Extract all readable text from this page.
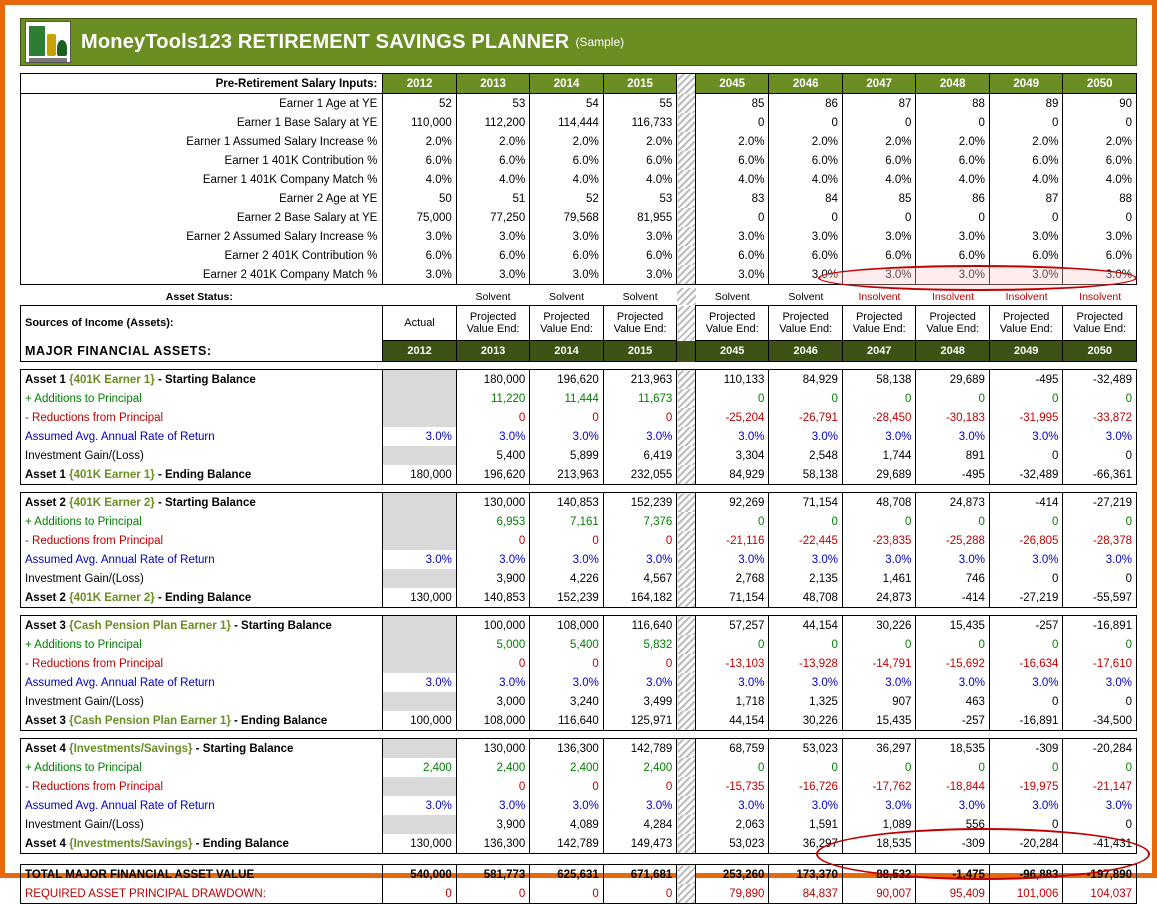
MoneyTools123 RETIREMENT SAVINGS PLANNER (Sample)
Pre-Retirement Salary Inputs:	2012	2013	2014	2015		2045	2046	2047	2048	2049	2050
Earner 1 Age at YE	52	53	54	55		85	86	87	88	89	90
Earner 1 Base Salary at YE	110,000	112,200	114,444	116,733		0	0	0	0	0	0
Earner 1 Assumed Salary Increase %	2.0%	2.0%	2.0%	2.0%		2.0%	2.0%	2.0%	2.0%	2.0%	2.0%
Earner 1 401K Contribution %	6.0%	6.0%	6.0%	6.0%		6.0%	6.0%	6.0%	6.0%	6.0%	6.0%
Earner 1 401K Company Match %	4.0%	4.0%	4.0%	4.0%		4.0%	4.0%	4.0%	4.0%	4.0%	4.0%
Earner 2 Age at YE	50	51	52	53		83	84	85	86	87	88
Earner 2 Base Salary at YE	75,000	77,250	79,568	81,955		0	0	0	0	0	0
Earner 2 Assumed Salary Increase %	3.0%	3.0%	3.0%	3.0%		3.0%	3.0%	3.0%	3.0%	3.0%	3.0%
Earner 2 401K Contribution %	6.0%	6.0%	6.0%	6.0%		6.0%	6.0%	6.0%	6.0%	6.0%	6.0%
Earner 2 401K Company Match %	3.0%	3.0%	3.0%	3.0%		3.0%	3.0%	3.0%	3.0%	3.0%	3.0%
Asset Status:		Solvent	Solvent	Solvent		Solvent	Solvent	Insolvent	Insolvent	Insolvent	Insolvent
Sources of Income (Assets):	Actual	Projected Value End:	Projected Value End:	Projected Value End:		Projected Value End:	Projected Value End:	Projected Value End:	Projected Value End:	Projected Value End:	Projected Value End:
MAJOR FINANCIAL ASSETS:	2012	2013	2014	2015		2045	2046	2047	2048	2049	2050
Asset 1 {401K Earner 1} - Starting Balance		180,000	196,620	213,963		110,133	84,929	58,138	29,689	-495	-32,489
+ Additions to Principal		11,220	11,444	11,673		0	0	0	0	0	0
- Reductions from Principal		0	0	0		-25,204	-26,791	-28,450	-30,183	-31,995	-33,872
Assumed Avg. Annual Rate of Return	3.0%	3.0%	3.0%	3.0%		3.0%	3.0%	3.0%	3.0%	3.0%	3.0%
Investment Gain/(Loss)		5,400	5,899	6,419		3,304	2,548	1,744	891	0	0
Asset 1 {401K Earner 1} - Ending Balance	180,000	196,620	213,963	232,055		84,929	58,138	29,689	-495	-32,489	-66,361
Asset 2 {401K Earner 2} - Starting Balance		130,000	140,853	152,239		92,269	71,154	48,708	24,873	-414	-27,219
+ Additions to Principal		6,953	7,161	7,376		0	0	0	0	0	0
- Reductions from Principal		0	0	0		-21,116	-22,445	-23,835	-25,288	-26,805	-28,378
Assumed Avg. Annual Rate of Return	3.0%	3.0%	3.0%	3.0%		3.0%	3.0%	3.0%	3.0%	3.0%	3.0%
Investment Gain/(Loss)		3,900	4,226	4,567		2,768	2,135	1,461	746	0	0
Asset 2 {401K Earner 2} - Ending Balance	130,000	140,853	152,239	164,182		71,154	48,708	24,873	-414	-27,219	-55,597
Asset 3 {Cash Pension Plan Earner 1} - Starting Balance		100,000	108,000	116,640		57,257	44,154	30,226	15,435	-257	-16,891
+ Additions to Principal		5,000	5,400	5,832		0	0	0	0	0	0
- Reductions from Principal		0	0	0		-13,103	-13,928	-14,791	-15,692	-16,634	-17,610
Assumed Avg. Annual Rate of Return	3.0%	3.0%	3.0%	3.0%		3.0%	3.0%	3.0%	3.0%	3.0%	3.0%
Investment Gain/(Loss)		3,000	3,240	3,499		1,718	1,325	907	463	0	0
Asset 3 {Cash Pension Plan Earner 1} - Ending Balance	100,000	108,000	116,640	125,971		44,154	30,226	15,435	-257	-16,891	-34,500
Asset 4 {Investments/Savings} - Starting Balance		130,000	136,300	142,789		68,759	53,023	36,297	18,535	-309	-20,284
+ Additions to Principal	2,400	2,400	2,400	2,400		0	0	0	0	0	0
- Reductions from Principal		0	0	0		-15,735	-16,726	-17,762	-18,844	-19,975	-21,147
Assumed Avg. Annual Rate of Return	3.0%	3.0%	3.0%	3.0%		3.0%	3.0%	3.0%	3.0%	3.0%	3.0%
Investment Gain/(Loss)		3,900	4,089	4,284		2,063	1,591	1,089	556	0	0
Asset 4 {Investments/Savings} - Ending Balance	130,000	136,300	142,789	149,473		53,023	36,297	18,535	-309	-20,284	-41,431
TOTAL MAJOR FINANCIAL ASSET VALUE	540,000	581,773	625,631	671,681		253,260	173,370	88,532	-1,475	-96,883	-197,890
REQUIRED ASSET PRINCIPAL DRAWDOWN:	0	0	0	0		79,890	84,837	90,007	95,409	101,006	104,037
